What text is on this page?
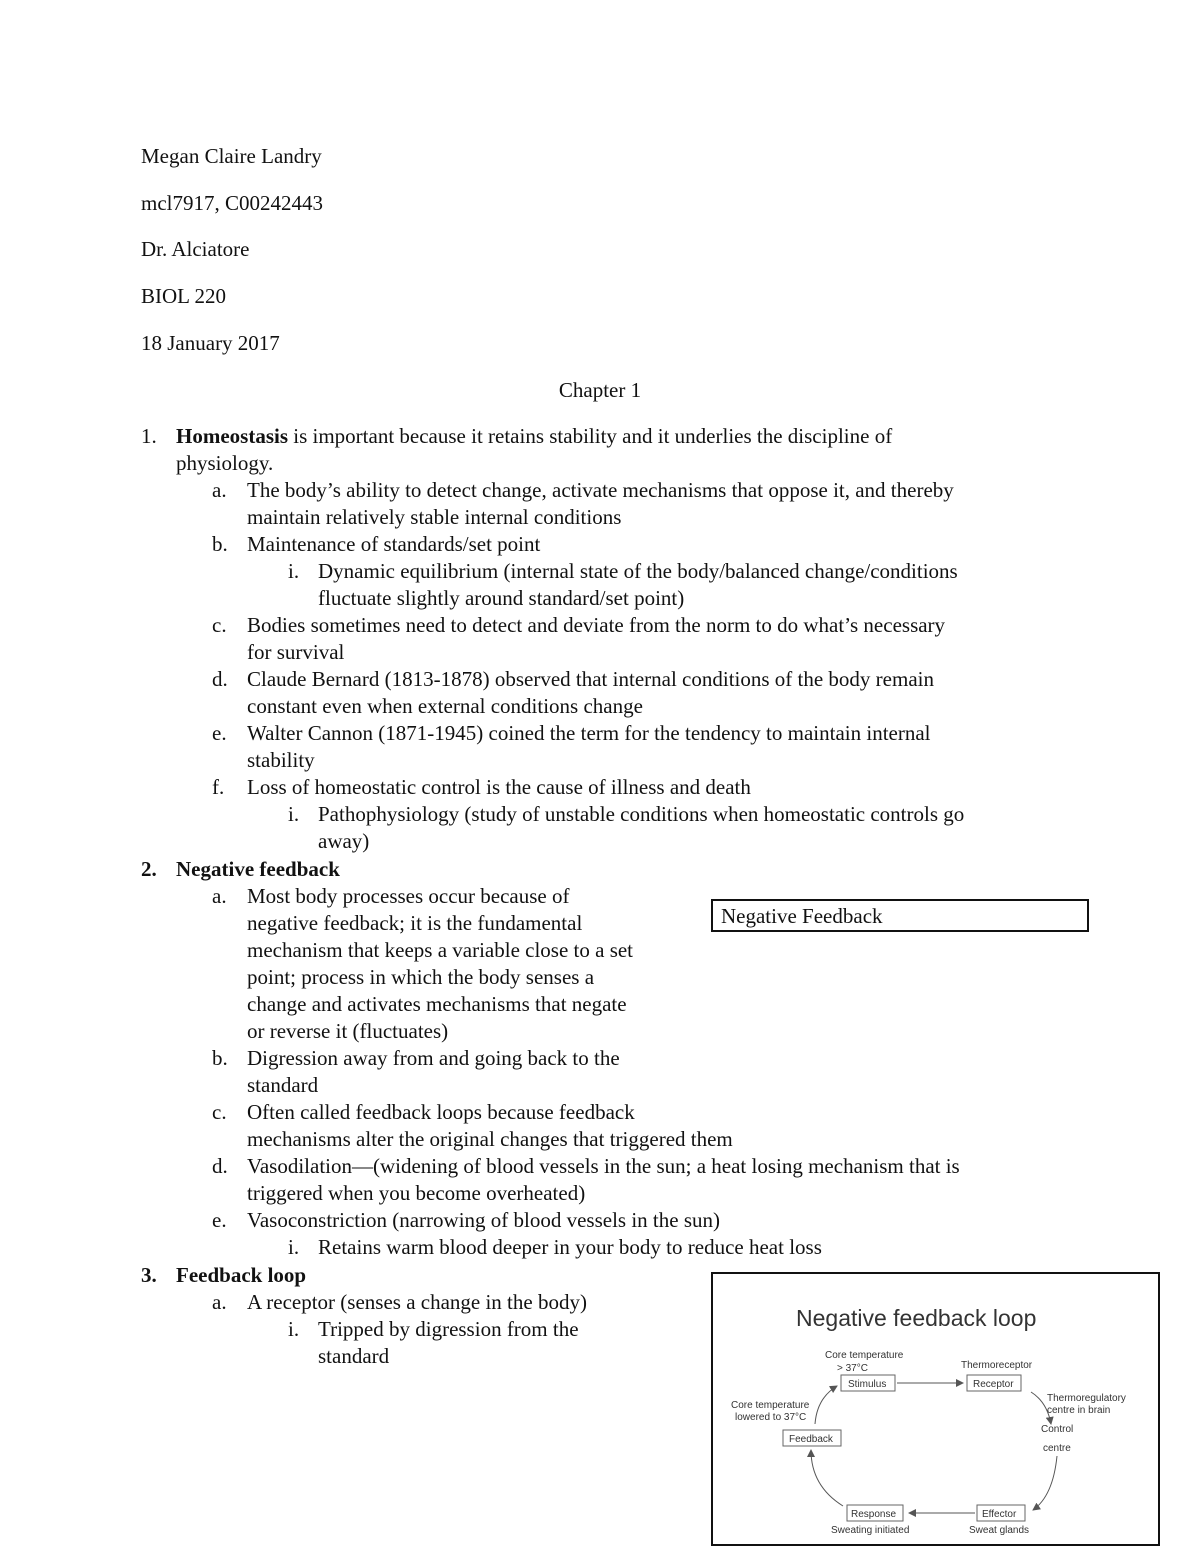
Megan Claire Landry
mcl7917, C00242443
Dr. Alciatore
BIOL 220
18 January 2017
Chapter 1
1. Homeostasis is important because it retains stability and it underlies the discipline of
physiology.
a. The body’s ability to detect change, activate mechanisms that oppose it, and thereby
maintain relatively stable internal conditions
b. Maintenance of standards/set point
i. Dynamic equilibrium (internal state of the body/balanced change/conditions
fluctuate slightly around standard/set point)
c. Bodies sometimes need to detect and deviate from the norm to do what’s necessary
for survival
d. Claude Bernard (1813-1878) observed that internal conditions of the body remain
constant even when external conditions change
e. Walter Cannon (1871-1945) coined the term for the tendency to maintain internal
stability
f. Loss of homeostatic control is the cause of illness and death
i. Pathophysiology (study of unstable conditions when homeostatic controls go
away)
2. Negative feedback
a. Most body processes occur because of
negative feedback; it is the fundamental
mechanism that keeps a variable close to a set
point; process in which the body senses a
change and activates mechanisms that negate
or reverse it (fluctuates)
b. Digression away from and going back to the
standard
c. Often called feedback loops because feedback
mechanisms alter the original changes that triggered them
d. Vasodilation—(widening of blood vessels in the sun; a heat losing mechanism that is
triggered when you become overheated)
e. Vasoconstriction (narrowing of blood vessels in the sun)
i. Retains warm blood deeper in your body to reduce heat loss
3. Feedback loop
a. A receptor (senses a change in the body)
i. Tripped by digression from the
standard
Negative Feedback
Negative feedback loop
Core temperature
> 37°C
Stimulus
Thermoreceptor
Receptor
Thermoregulatory
centre in brain
Control
centre
Core temperature
lowered to 37°C
Feedback
Response
Sweating initiated
Effector
Sweat glands
